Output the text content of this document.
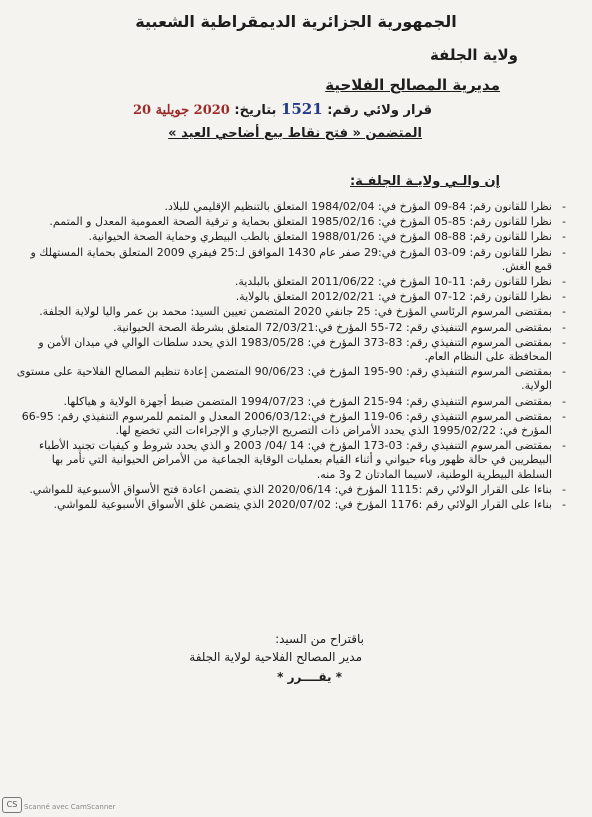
الجمهورية الجزائرية الديمقراطية الشعبية
ولاية الجلفة
مديرية المصالح الفلاحية
قرار ولائي رقم: 1521 بتاريخ: 2020 جويلية 20
المتضمن « فتح نقاط بيع أضاحي العيد »
إن والـي ولايـة الجلفـة:
- نظرا للقانون رقم: 84-09 المؤرخ في: 1984/02/04 المتعلق بالتنظيم الإقليمي للبلاد.
- نظرا للقانون رقم: 85-05 المؤرخ في: 1985/02/16 المتعلق بحماية و ترقية الصحة العمومية المعدل و المتمم.
- نظرا للقانون رقم: 88-08 المؤرخ في: 1988/01/26 المتعلق بالطب البيطري وحماية الصحة الحيوانية.
- نظرا للقانون رقم: 09-03 المؤرخ في:29 صفر عام 1430 الموافق لـ:25 فيفري 2009 المتعلق بحماية المستهلك و قمع الغش.
- نظرا للقانون رقم: 11-10 المؤرخ في: 2011/06/22 المتعلق بالبلدية.
- نظرا للقانون رقم: 12-07 المؤرخ في: 2012/02/21 المتعلق بالولاية.
- بمقتضى المرسوم الرئاسي المؤرخ في: 25 جانفي 2020 المتضمن تعيين السيد: محمد بن عمر واليا لولاية الجلفة.
- بمقتضى المرسوم التنفيذي رقم: 72-55 المؤرخ في:72/03/21 المتعلق بشرطة الصحة الحيوانية.
- بمقتضى المرسوم التنفيذي رقم: 83-373 المؤرخ في: 1983/05/28 الذي يحدد سلطات الوالي في ميدان الأمن و المحافظة على النظام العام.
- بمقتضى المرسوم التنفيذي رقم: 90-195 المؤرخ في: 90/06/23 المتضمن إعادة تنظيم المصالح الفلاحية على مستوى الولاية.
- بمقتضى المرسوم التنفيذي رقم: 94-215 المؤرخ في: 1994/07/23 المتضمن ضبط أجهزة الولاية و هياكلها.
- بمقتضى المرسوم التنفيذي رقم: 06-119 المؤرخ في:2006/03/12 المعدل و المتمم للمرسوم التنفيذي رقم: 95-66 المؤرخ في: 1995/02/22 الذي يحدد الأمراض ذات التصريح الإجباري و الإجراءات التي تخضع لها.
- بمقتضى المرسوم التنفيذي رقم: 03-173 المؤرخ في: 14 /04/ 2003 و الذي يحدد شروط و كيفيات تجنيد الأطباء البيطريين في حالة ظهور وباء حيواني و أثناء القيام بعمليات الوقاية الجماعية من الأمراض الحيوانية التي تأمر بها السلطة البيطرية الوطنية، لاسيما المادتان 2 و3 منه.
- بناءا على القرار الولائي رقم :1115 المؤرخ في: 2020/06/14 الذي يتضمن اعادة فتح الأسواق الأسبوعية للمواشي.
- بناءا على القرار الولائي رقم :1176 المؤرخ في: 2020/07/02 الذي يتضمن غلق الأسواق الأسبوعية للمواشي.
باقتراح من السيد:
مدير المصالح الفلاحية لولاية الجلفة
* يقــــرر *
CS Scanné avec CamScanner
